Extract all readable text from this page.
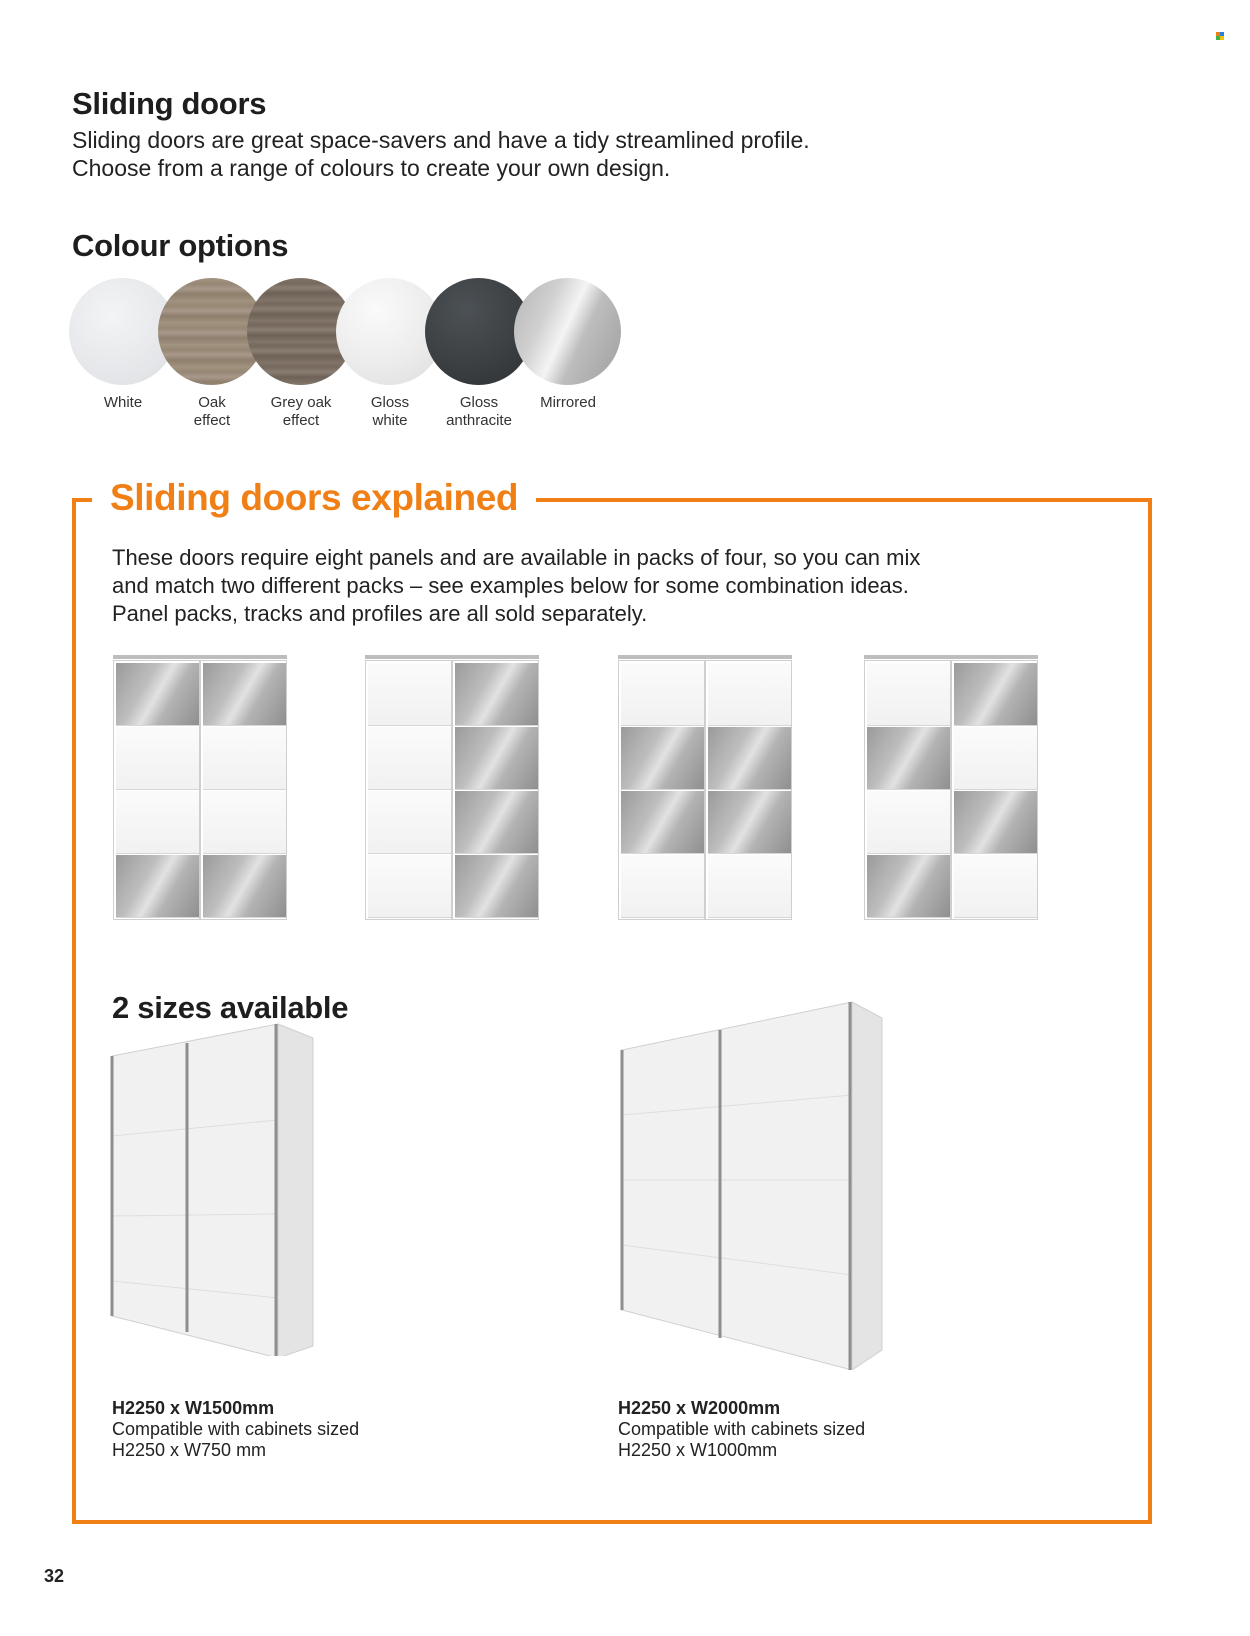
Sliding doors
Sliding doors are great space-savers and have a tidy streamlined profile.
Choose from a range of colours to create your own design.
Colour options
White	Oak
effect
Grey oak
effect
Gloss
white
Gloss
anthracite
Mirrored
Sliding doors explained
These doors require eight panels and are available in packs of four, so you can mix
and match two different packs – see examples below for some combination ideas.
Panel packs, tracks and profiles are all sold separately.
2 sizes available
H2250 x W1500mm
Compatible with cabinets sized
H2250 x W750 mm
H2250 x W2000mm
Compatible with cabinets sized
H2250 x W1000mm
32
